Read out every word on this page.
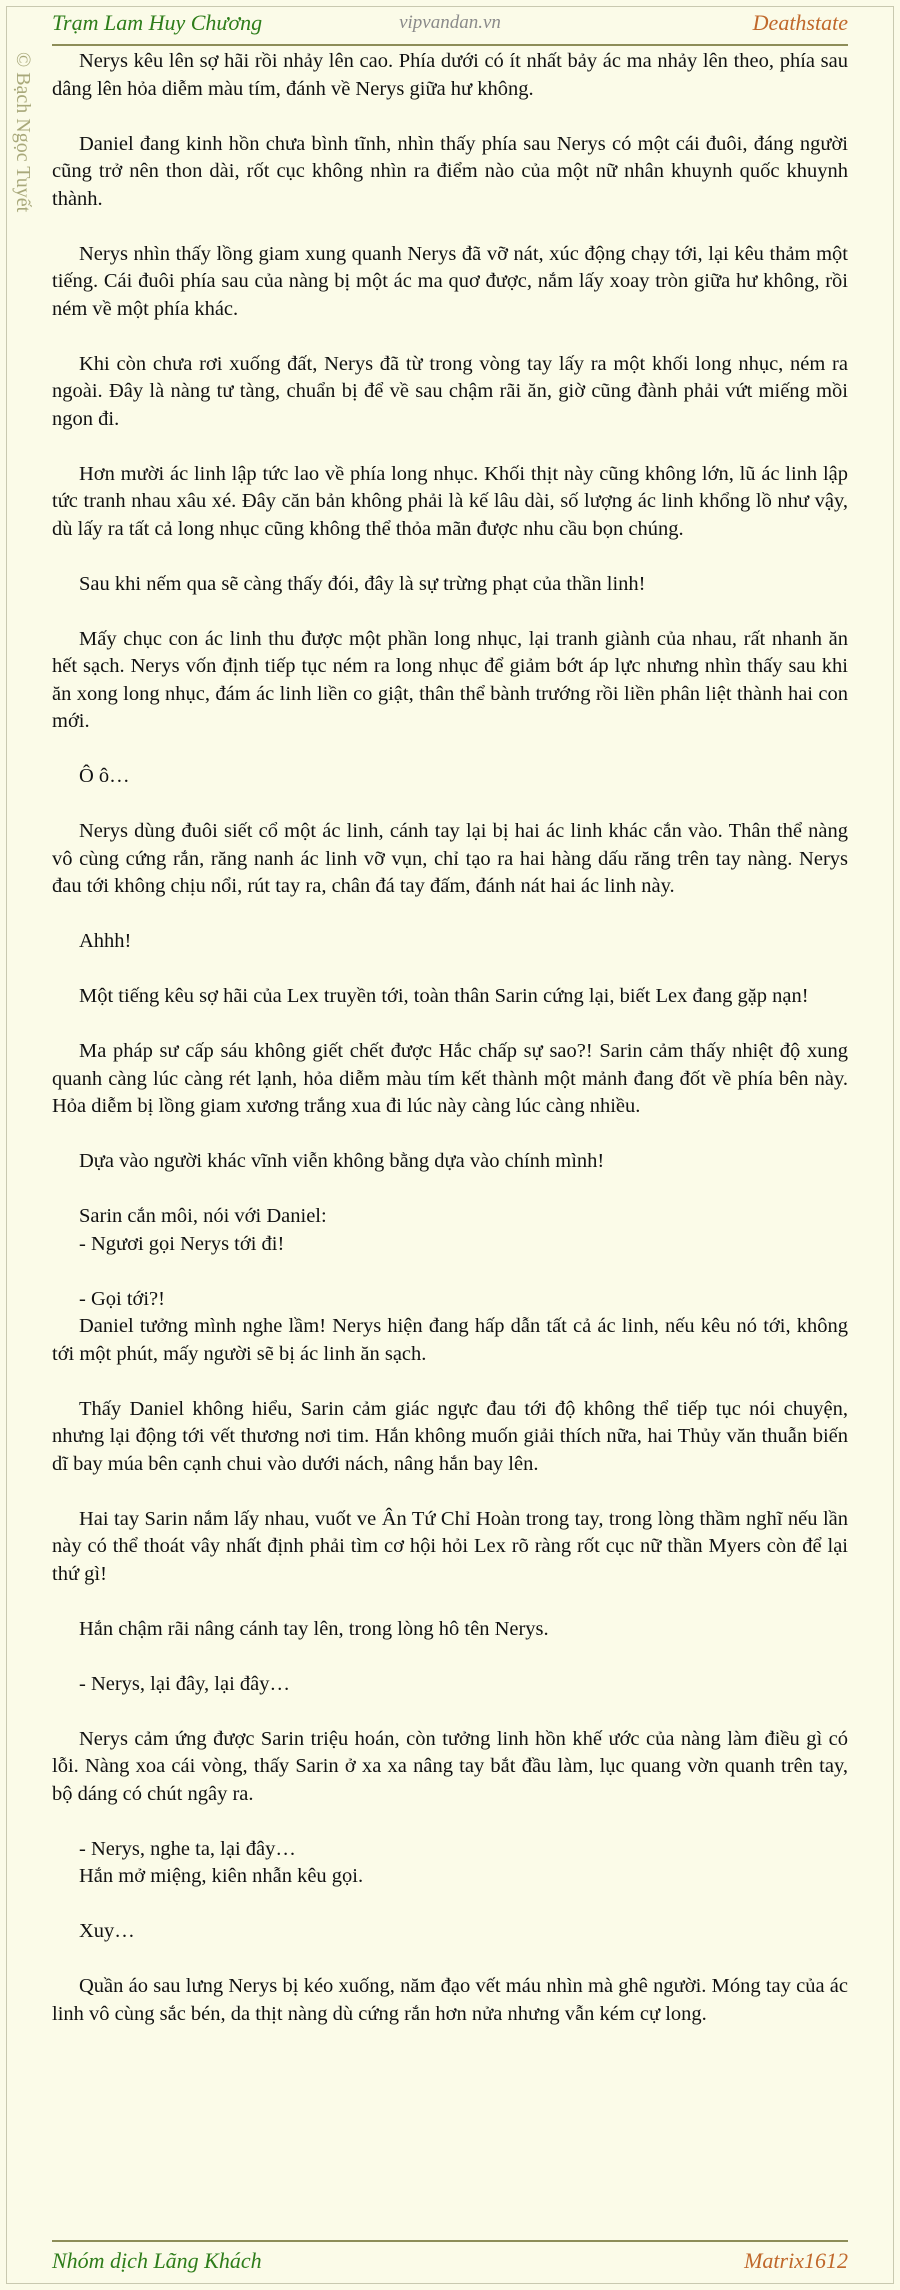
Trạm Lam Huy Chương	vipvandan.vn	Deathstate
© Bạch Ngọc Tuyết	Nerys kêu lên sợ hãi rồi nhảy lên cao. Phía dưới có ít nhất bảy ác ma nhảy lên theo, phía sau dâng lên hỏa diễm màu tím, đánh về Nerys giữa hư không.

Daniel đang kinh hồn chưa bình tĩnh, nhìn thấy phía sau Nerys có một cái đuôi, đáng người cũng trở nên thon dài, rốt cục không nhìn ra điểm nào của một nữ nhân khuynh quốc khuynh thành.

Nerys nhìn thấy lồng giam xung quanh Nerys đã vỡ nát, xúc động chạy tới, lại kêu thảm một tiếng. Cái đuôi phía sau của nàng bị một ác ma quơ được, nắm lấy xoay tròn giữa hư không, rồi ném về một phía khác.

Khi còn chưa rơi xuống đất, Nerys đã từ trong vòng tay lấy ra một khối long nhục, ném ra ngoài. Đây là nàng tư tàng, chuẩn bị để về sau chậm rãi ăn, giờ cũng đành phải vứt miếng mồi ngon đi.

Hơn mười ác linh lập tức lao về phía long nhục. Khối thịt này cũng không lớn, lũ ác linh lập tức tranh nhau xâu xé. Đây căn bản không phải là kế lâu dài, số lượng ác linh khổng lồ như vậy, dù lấy ra tất cả long nhục cũng không thể thỏa mãn được nhu cầu bọn chúng.

Sau khi nếm qua sẽ càng thấy đói, đây là sự trừng phạt của thần linh!

Mấy chục con ác linh thu được một phần long nhục, lại tranh giành của nhau, rất nhanh ăn hết sạch. Nerys vốn định tiếp tục ném ra long nhục để giảm bớt áp lực nhưng nhìn thấy sau khi ăn xong long nhục, đám ác linh liền co giật, thân thể bành trướng rồi liền phân liệt thành hai con mới.

Ô ô…

Nerys dùng đuôi siết cổ một ác linh, cánh tay lại bị hai ác linh khác cắn vào. Thân thể nàng vô cùng cứng rắn, răng nanh ác linh vỡ vụn, chỉ tạo ra hai hàng dấu răng trên tay nàng. Nerys đau tới không chịu nổi, rút tay ra, chân đá tay đấm, đánh nát hai ác linh này.

Ahhh!

Một tiếng kêu sợ hãi của Lex truyền tới, toàn thân Sarin cứng lại, biết Lex đang gặp nạn!

Ma pháp sư cấp sáu không giết chết được Hắc chấp sự sao?! Sarin cảm thấy nhiệt độ xung quanh càng lúc càng rét lạnh, hỏa diễm màu tím kết thành một mảnh đang đốt về phía bên này. Hỏa diễm bị lồng giam xương trắng xua đi lúc này càng lúc càng nhiều.

Dựa vào người khác vĩnh viễn không bằng dựa vào chính mình!

Sarin cắn môi, nói với Daniel:

- Ngươi gọi Nerys tới đi!

- Gọi tới?!

Daniel tưởng mình nghe lầm! Nerys hiện đang hấp dẫn tất cả ác linh, nếu kêu nó tới, không tới một phút, mấy người sẽ bị ác linh ăn sạch.

Thấy Daniel không hiểu, Sarin cảm giác ngực đau tới độ không thể tiếp tục nói chuyện, nhưng lại động tới vết thương nơi tim. Hắn không muốn giải thích nữa, hai Thủy văn thuẫn biến dĩ bay múa bên cạnh chui vào dưới nách, nâng hắn bay lên.

Hai tay Sarin nắm lấy nhau, vuốt ve Ân Tứ Chỉ Hoàn trong tay, trong lòng thầm nghĩ nếu lần này có thể thoát vây nhất định phải tìm cơ hội hỏi Lex rõ ràng rốt cục nữ thần Myers còn để lại thứ gì!

Hắn chậm rãi nâng cánh tay lên, trong lòng hô tên Nerys.

- Nerys, lại đây, lại đây…

Nerys cảm ứng được Sarin triệu hoán, còn tưởng linh hồn khế ước của nàng làm điều gì có lỗi. Nàng xoa cái vòng, thấy Sarin ở xa xa nâng tay bắt đầu làm, lục quang vờn quanh trên tay, bộ dáng có chút ngây ra.

- Nerys, nghe ta, lại đây…

Hắn mở miệng, kiên nhẫn kêu gọi.

Xuy…

Quần áo sau lưng Nerys bị kéo xuống, năm đạo vết máu nhìn mà ghê người. Móng tay của ác linh vô cùng sắc bén, da thịt nàng dù cứng rắn hơn nửa nhưng vẫn kém cự long.

Nhóm dịch Lãng Khách	Matrix1612
